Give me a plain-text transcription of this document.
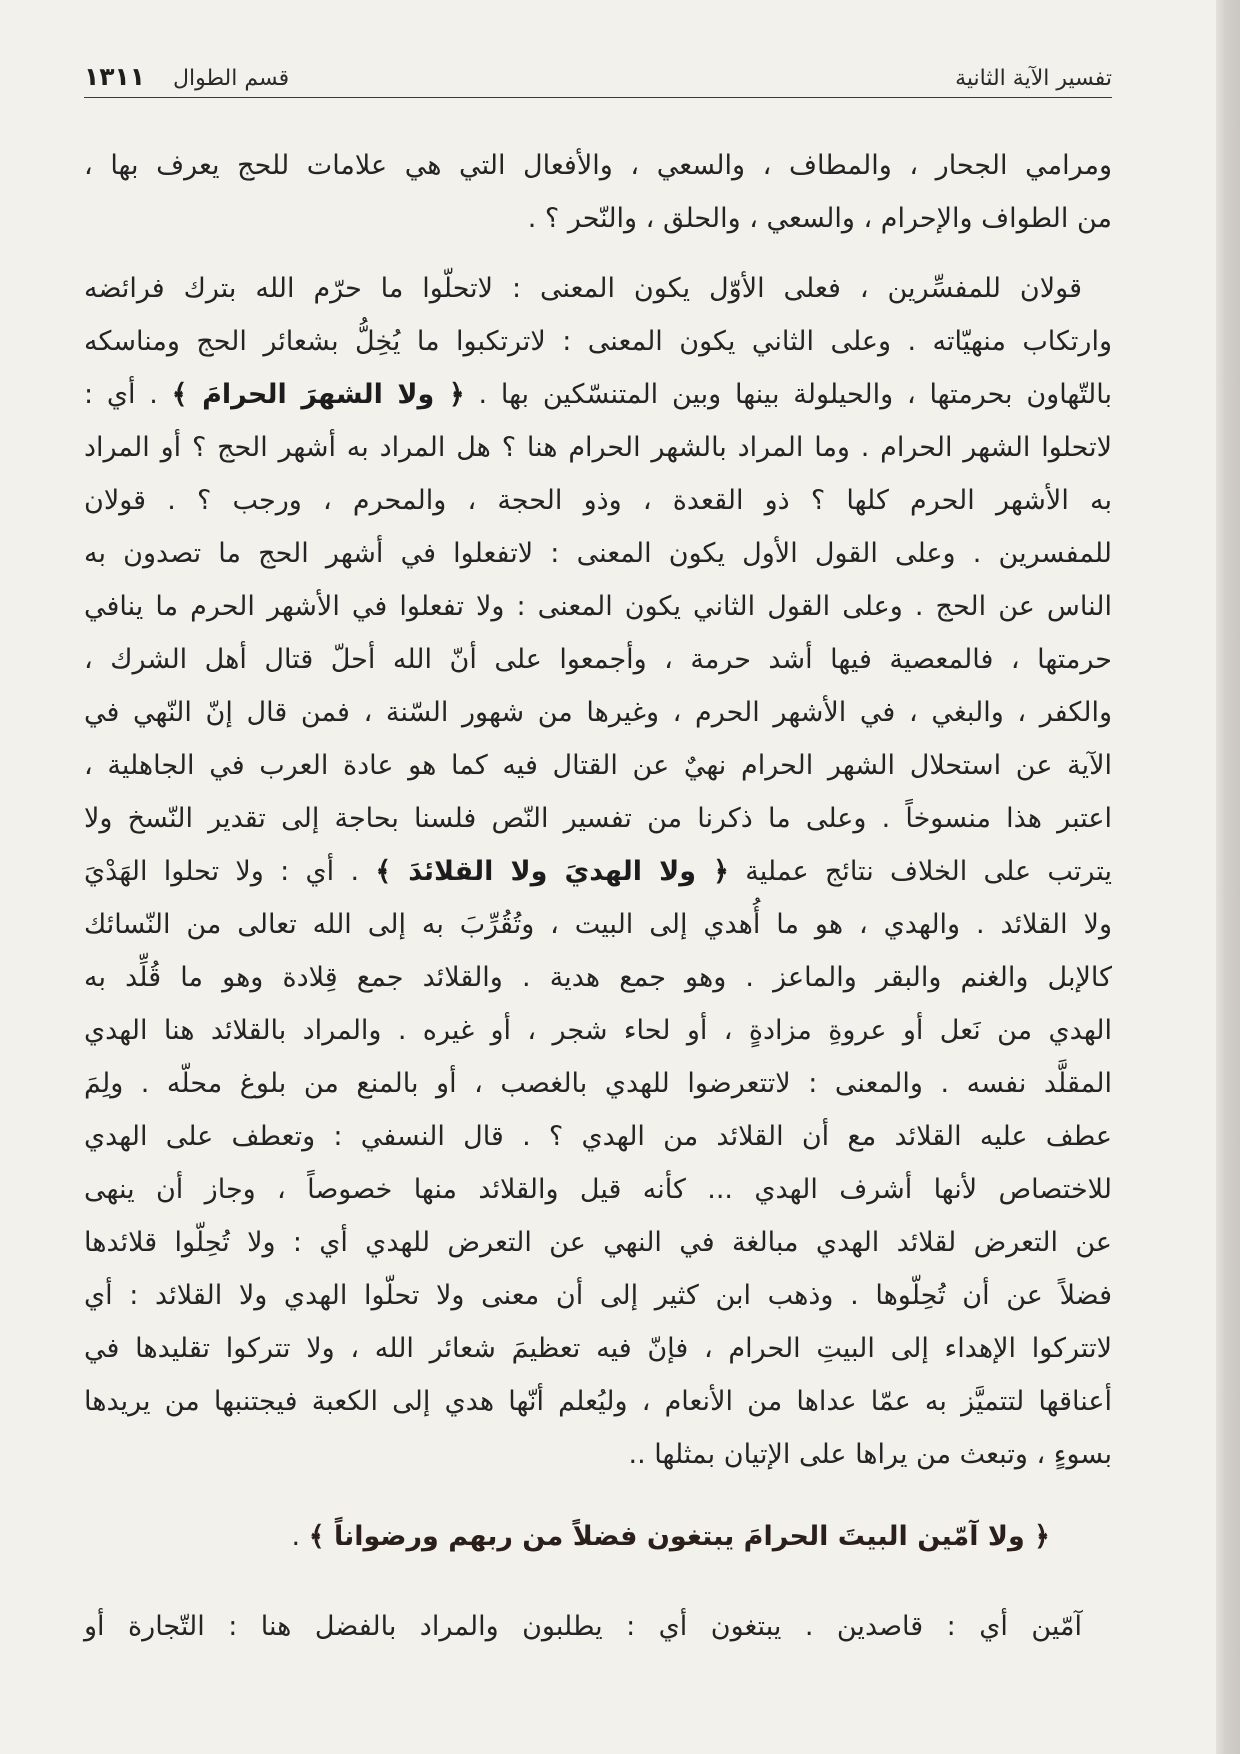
تفسير الآية الثانية
قسم الطوال
١٣١١
ومرامي الجحار ، والمطاف ، والسعي ، والأفعال التي هي علامات للحج يعرف بها ،
من الطواف والإحرام ، والسعي ، والحلق ، والنّحر ؟ .
قولان للمفسِّرين ، فعلى الأوّل يكون المعنى : لاتحلّوا ما حرّم الله بترك فرائضه
وارتكاب منهيّاته . وعلى الثاني يكون المعنى : لاترتكبوا ما يُخِلُّ بشعائر الحج ومناسكه
بالتّهاون بحرمتها ، والحيلولة بينها وبين المتنسّكين بها . ﴿ ولا الشهرَ الحرامَ ﴾ . أي :
لاتحلوا الشهر الحرام . وما المراد بالشهر الحرام هنا ؟ هل المراد به أشهر الحج ؟ أو المراد
به الأشهر الحرم كلها ؟ ذو القعدة ، وذو الحجة ، والمحرم ، ورجب ؟ . قولان
للمفسرين . وعلى القول الأول يكون المعنى : لاتفعلوا في أشهر الحج ما تصدون به
الناس عن الحج . وعلى القول الثاني يكون المعنى : ولا تفعلوا في الأشهر الحرم ما ينافي
حرمتها ، فالمعصية فيها أشد حرمة ، وأجمعوا على أنّ الله أحلّ قتال أهل الشرك ،
والكفر ، والبغي ، في الأشهر الحرم ، وغيرها من شهور السّنة ، فمن قال إنّ النّهي في
الآية عن استحلال الشهر الحرام نهيٌ عن القتال فيه كما هو عادة العرب في الجاهلية ،
اعتبر هذا منسوخاً . وعلى ما ذكرنا من تفسير النّص فلسنا بحاجة إلى تقدير النّسخ ولا
يترتب على الخلاف نتائج عملية ﴿ ولا الهديَ ولا القلائدَ ﴾ . أي : ولا تحلوا الهَدْيَ
ولا القلائد . والهدي ، هو ما أُهدي إلى البيت ، وتُقُرِّبَ به إلى الله تعالى من النّسائك
كالإبل والغنم والبقر والماعز . وهو جمع هدية . والقلائد جمع قِلادة وهو ما قُلِّد به
الهدي من نَعل أو عروةِ مزادةٍ ، أو لحاء شجر ، أو غيره . والمراد بالقلائد هنا الهدي
المقلَّد نفسه . والمعنى : لاتتعرضوا للهدي بالغصب ، أو بالمنع من بلوغ محلّه . ولِمَ
عطف عليه القلائد مع أن القلائد من الهدي ؟ . قال النسفي : وتعطف على الهدي
للاختصاص لأنها أشرف الهدي ... كأنه قيل والقلائد منها خصوصاً ، وجاز أن ينهى
عن التعرض لقلائد الهدي مبالغة في النهي عن التعرض للهدي أي : ولا تُحِلّوا قلائدها
فضلاً عن أن تُحِلّوها . وذهب ابن كثير إلى أن معنى ولا تحلّوا الهدي ولا القلائد : أي
لاتتركوا الإهداء إلى البيتِ الحرام ، فإنّ فيه تعظيمَ شعائر الله ، ولا تتركوا تقليدها في
أعناقها لتتميَّز به عمّا عداها من الأنعام ، وليُعلم أنّها هدي إلى الكعبة فيجتنبها من يريدها
بسوءٍ ، وتبعث من يراها على الإتيان بمثلها ..
﴿ ولا آمّين البيتَ الحرامَ يبتغون فضلاً من ربهم ورضواناً ﴾ .
آمّين أي : قاصدين . يبتغون أي : يطلبون والمراد بالفضل هنا : التّجارة أو
